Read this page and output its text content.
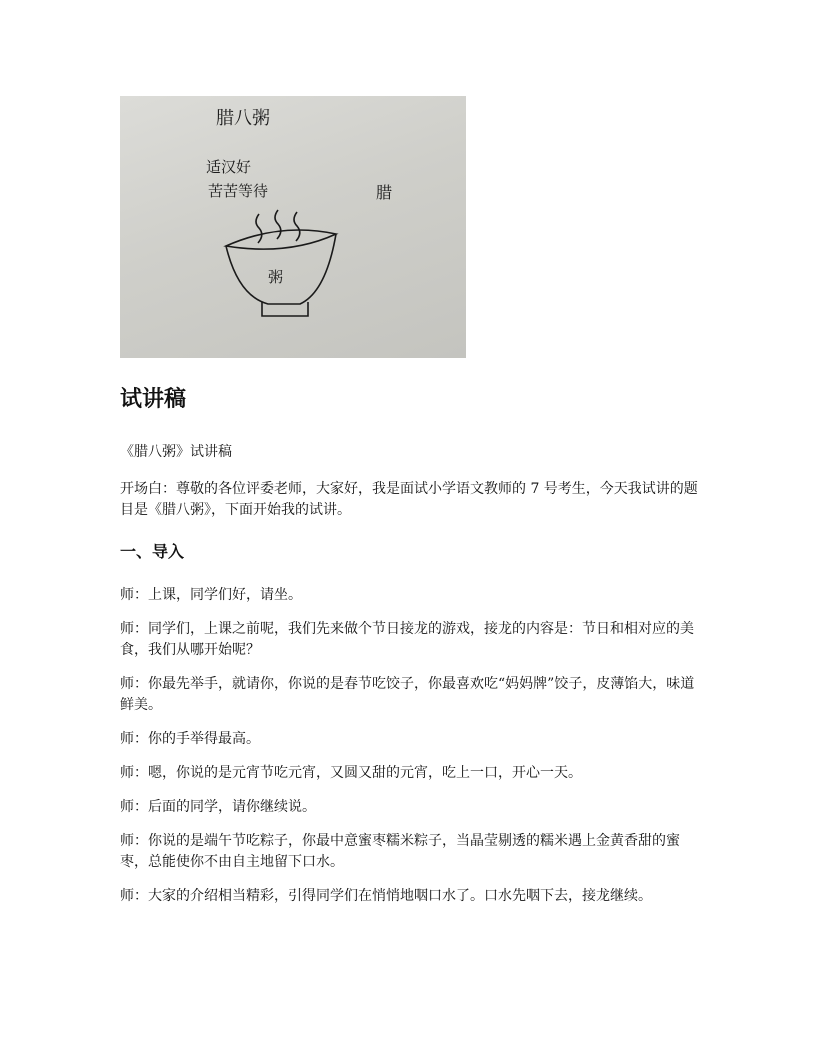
腊八粥
适汉好
苦苦等待	腊
粥
试讲稿

《腊八粥》试讲稿

开场白：尊敬的各位评委老师，大家好，我是面试小学语文教师的 7 号考生，今天我试讲的题目是《腊八粥》，下面开始我的试讲。

一、导入

师：上课，同学们好，请坐。

师：同学们，上课之前呢，我们先来做个节日接龙的游戏，接龙的内容是：节日和相对应的美食，我们从哪开始呢？

师：你最先举手，就请你，你说的是春节吃饺子，你最喜欢吃“妈妈牌”饺子，皮薄馅大，味道鲜美。

师：你的手举得最高。

师：嗯，你说的是元宵节吃元宵，又圆又甜的元宵，吃上一口，开心一天。

师：后面的同学，请你继续说。

师：你说的是端午节吃粽子，你最中意蜜枣糯米粽子，当晶莹剔透的糯米遇上金黄香甜的蜜枣，总能使你不由自主地留下口水。

师：大家的介绍相当精彩，引得同学们在悄悄地咽口水了。口水先咽下去，接龙继续。
